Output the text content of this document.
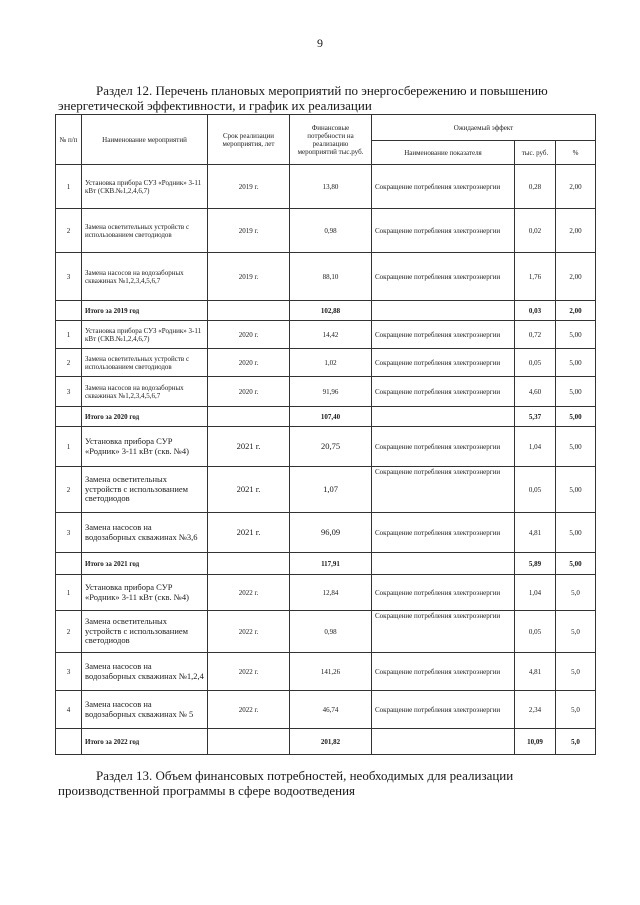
9
Раздел 12. Перечень плановых мероприятий по энергосбережению и повышению
энергетической эффективности, и график их реализации
№ п/п	Наименование мероприятий	Срок реализации мероприятия, лет	Финансовые потребности на реализацию мероприятий тыс.руб.	Ожидаемый эффект		
				Наименование показателя	тыс. руб.	%
1	Установка прибора СУЗ «Родник» 3-11 кВт (СКВ.№1,2,4,6,7)	2019 г.	13,80	Сокращение потребления электроэнергии	0,28	2,00
2	Замена осветительных устройств с использованием светодиодов	2019 г.	0,98	Сокращение потребления электроэнергии	0,02	2,00
3	Замена насосов на водозаборных скважинах №1,2,3,4,5,6,7	2019 г.	88,10	Сокращение потребления электроэнергии	1,76	2,00
	Итого за 2019 год		102,88		0,03	2,00
1	Установка прибора СУЗ «Родник» 3-11 кВт (СКВ.№1,2,4,6,7)	2020 г.	14,42	Сокращение потребления электроэнергии	0,72	5,00
2	Замена осветительных устройств с использованием светодиодов	2020 г.	1,02	Сокращение потребления электроэнергии	0,05	5,00
3	Замена насосов на водозаборных скважинах №1,2,3,4,5,6,7	2020 г.	91,96	Сокращение потребления электроэнергии	4,60	5,00
	Итого за 2020 год		107,40		5,37	5,00
1	Установка прибора СУР «Родник» 3-11 кВт (скв. №4)	2021 г.	20,75	Сокращение потребления электроэнергии	1,04	5,00
2	Замена осветительных устройств с использованием светодиодов	2021 г.	1,07	Сокращение потребления электроэнергии	0,05	5,00
3	Замена насосов на водозаборных скважинах №3,6	2021 г.	96,09	Сокращение потребления электроэнергии	4,81	5,00
	Итого за 2021 год		117,91		5,89	5,00
1	Установка прибора СУР «Родник» 3-11 кВт (скв. №4)	2022 г.	12,84	Сокращение потребления электроэнергии	1,04	5,0
2	Замена осветительных устройств с использованием светодиодов	2022 г.	0,98	Сокращение потребления электроэнергии	0,05	5,0
3	Замена насосов на водозаборных скважинах №1,2,4	2022 г.	141,26	Сокращение потребления электроэнергии	4,81	5,0
4	Замена насосов на водозаборных скважинах № 5	2022 г.	46,74	Сокращение потребления электроэнергии	2,34	5,0
	Итого за 2022 год		201,82		10,09	5,0
Раздел 13. Объем финансовых потребностей, необходимых для реализации
производственной программы в сфере водоотведения
